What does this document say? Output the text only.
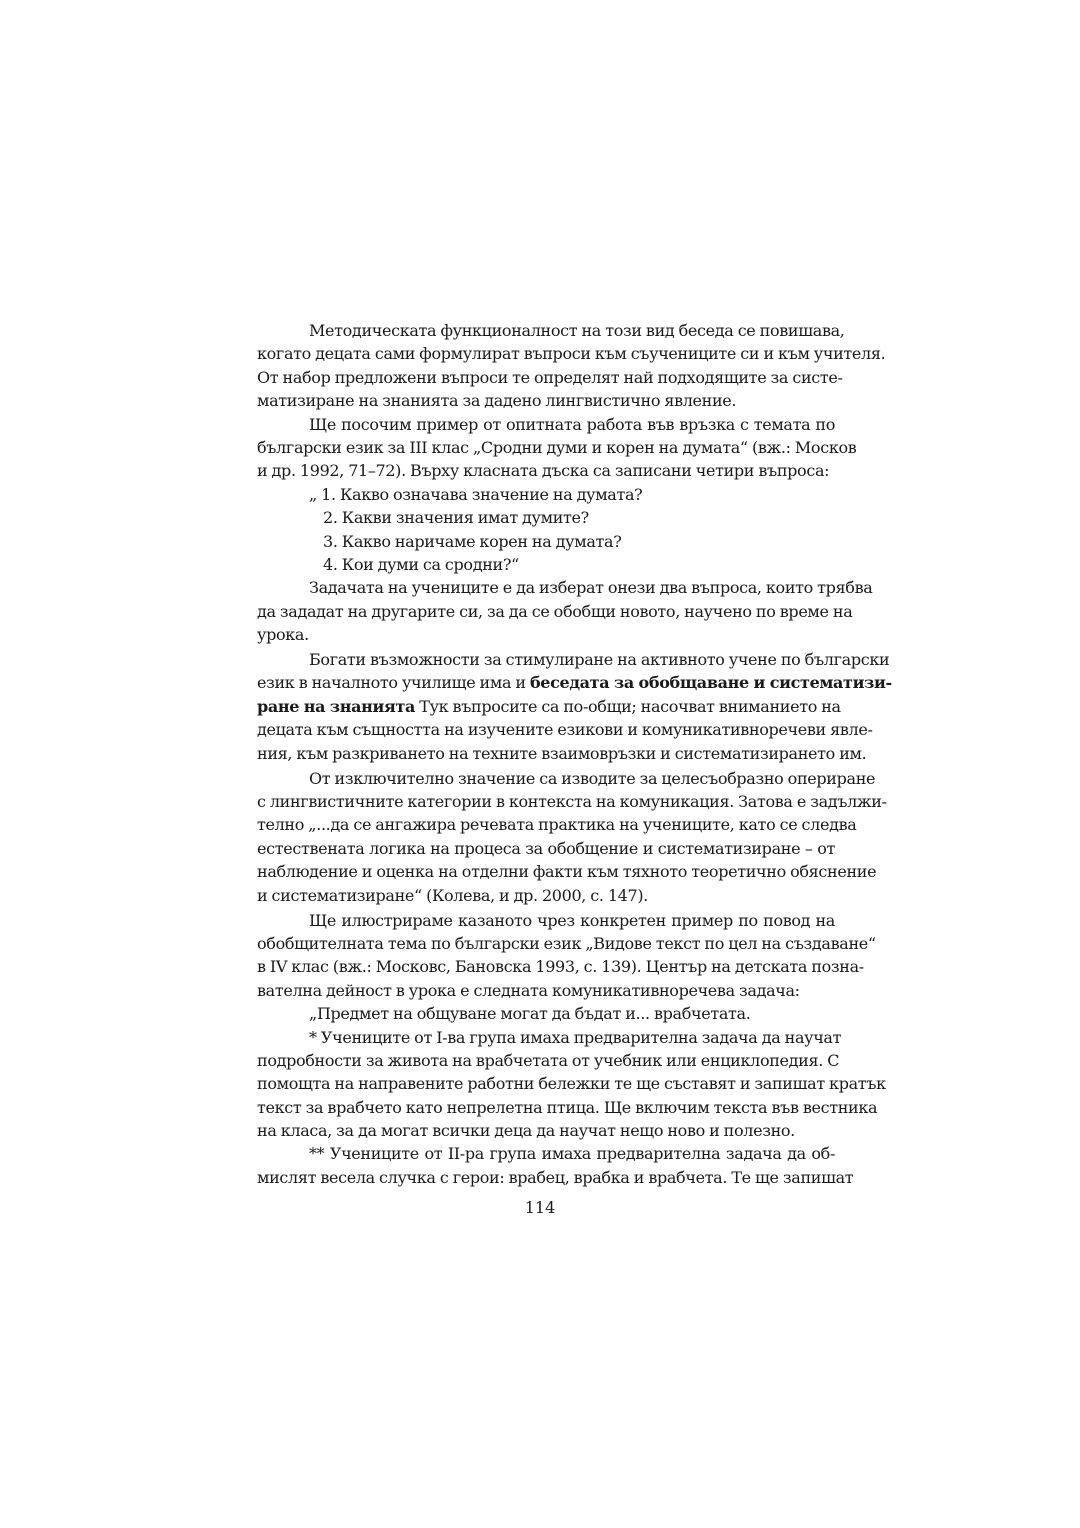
Методическата функционалност на този вид беседа се повишава,
когато децата сами формулират въпроси към съучениците си и към учителя.
От набор предложени въпроси те определят най подходящите за систе-
матизиране на знанията за дадено лингвистично явление.
Ще посочим пример от опитната работа във връзка с темата по
български език за III клас „Сродни думи и корен на думата“ (вж.: Москов‌
и др. 1992, 71–72). Върху класната дъска са записани четири въпроса:
„ 1. Какво означава значение на думата?
2. Какви значения имат думите?
3. Какво наричаме корен на думата?
4. Кои думи са сродни?“
Задачата на учениците е да изберат онези два въпроса, които трябва
да зададат на другарите си, за да се обобщи новото, научено по време на
урока.
Богати възможности за стимулиране на активното учене по български
език в началното училище има и беседата за обобщаване и систематизи-
ране на знанията Тук въпросите са по-общи; насочват вниманието на
децата към същността на изучените езикови и комуникативноречеви явле-
ния, към разкриването на техните взаимовръзки и систематизирането им.
От изключително значение са изводите за целесъобразно опериране
с лингвистичните категории в контекста на комуникация. Затова е задължи-
телно „...да се ангажира речевата практика на учениците, като се следва
естествената логика на процеса за обобщение и систематизиране – от
наблюдение и оценка на отделни факти към тяхното теоретично обяснение
и систематизиране“ (Колева, и др. 2000, с. 147).
Ще илюстрираме казаното чрез конкретен пример по повод на
обобщителната тема по български език „Видове текст по цел на създаване“
в IV клас (вж.: Московс, Бановска 1993, с. 139). Център на детската позна-
вателна дейност в урока е следната комуникативноречева задача:
„Предмет на общуване могат да бъдат и... врабчетата.
* Учениците от I-ва група имаха предварителна задача да научат
подробности за живота на врабчетата от учебник или енциклопедия. С
помощта на направените работни бележки те ще съставят и запишат кратък
текст за врабчето като непрелетна птица. Ще включим текста във вестника
на класа, за да могат всички деца да научат нещо ново и полезно.
** Учениците от II-ра група имаха предварителна задача да об-
мислят весела случка с герои: врабец, врабка и врабчета. Те ще запишат
114
